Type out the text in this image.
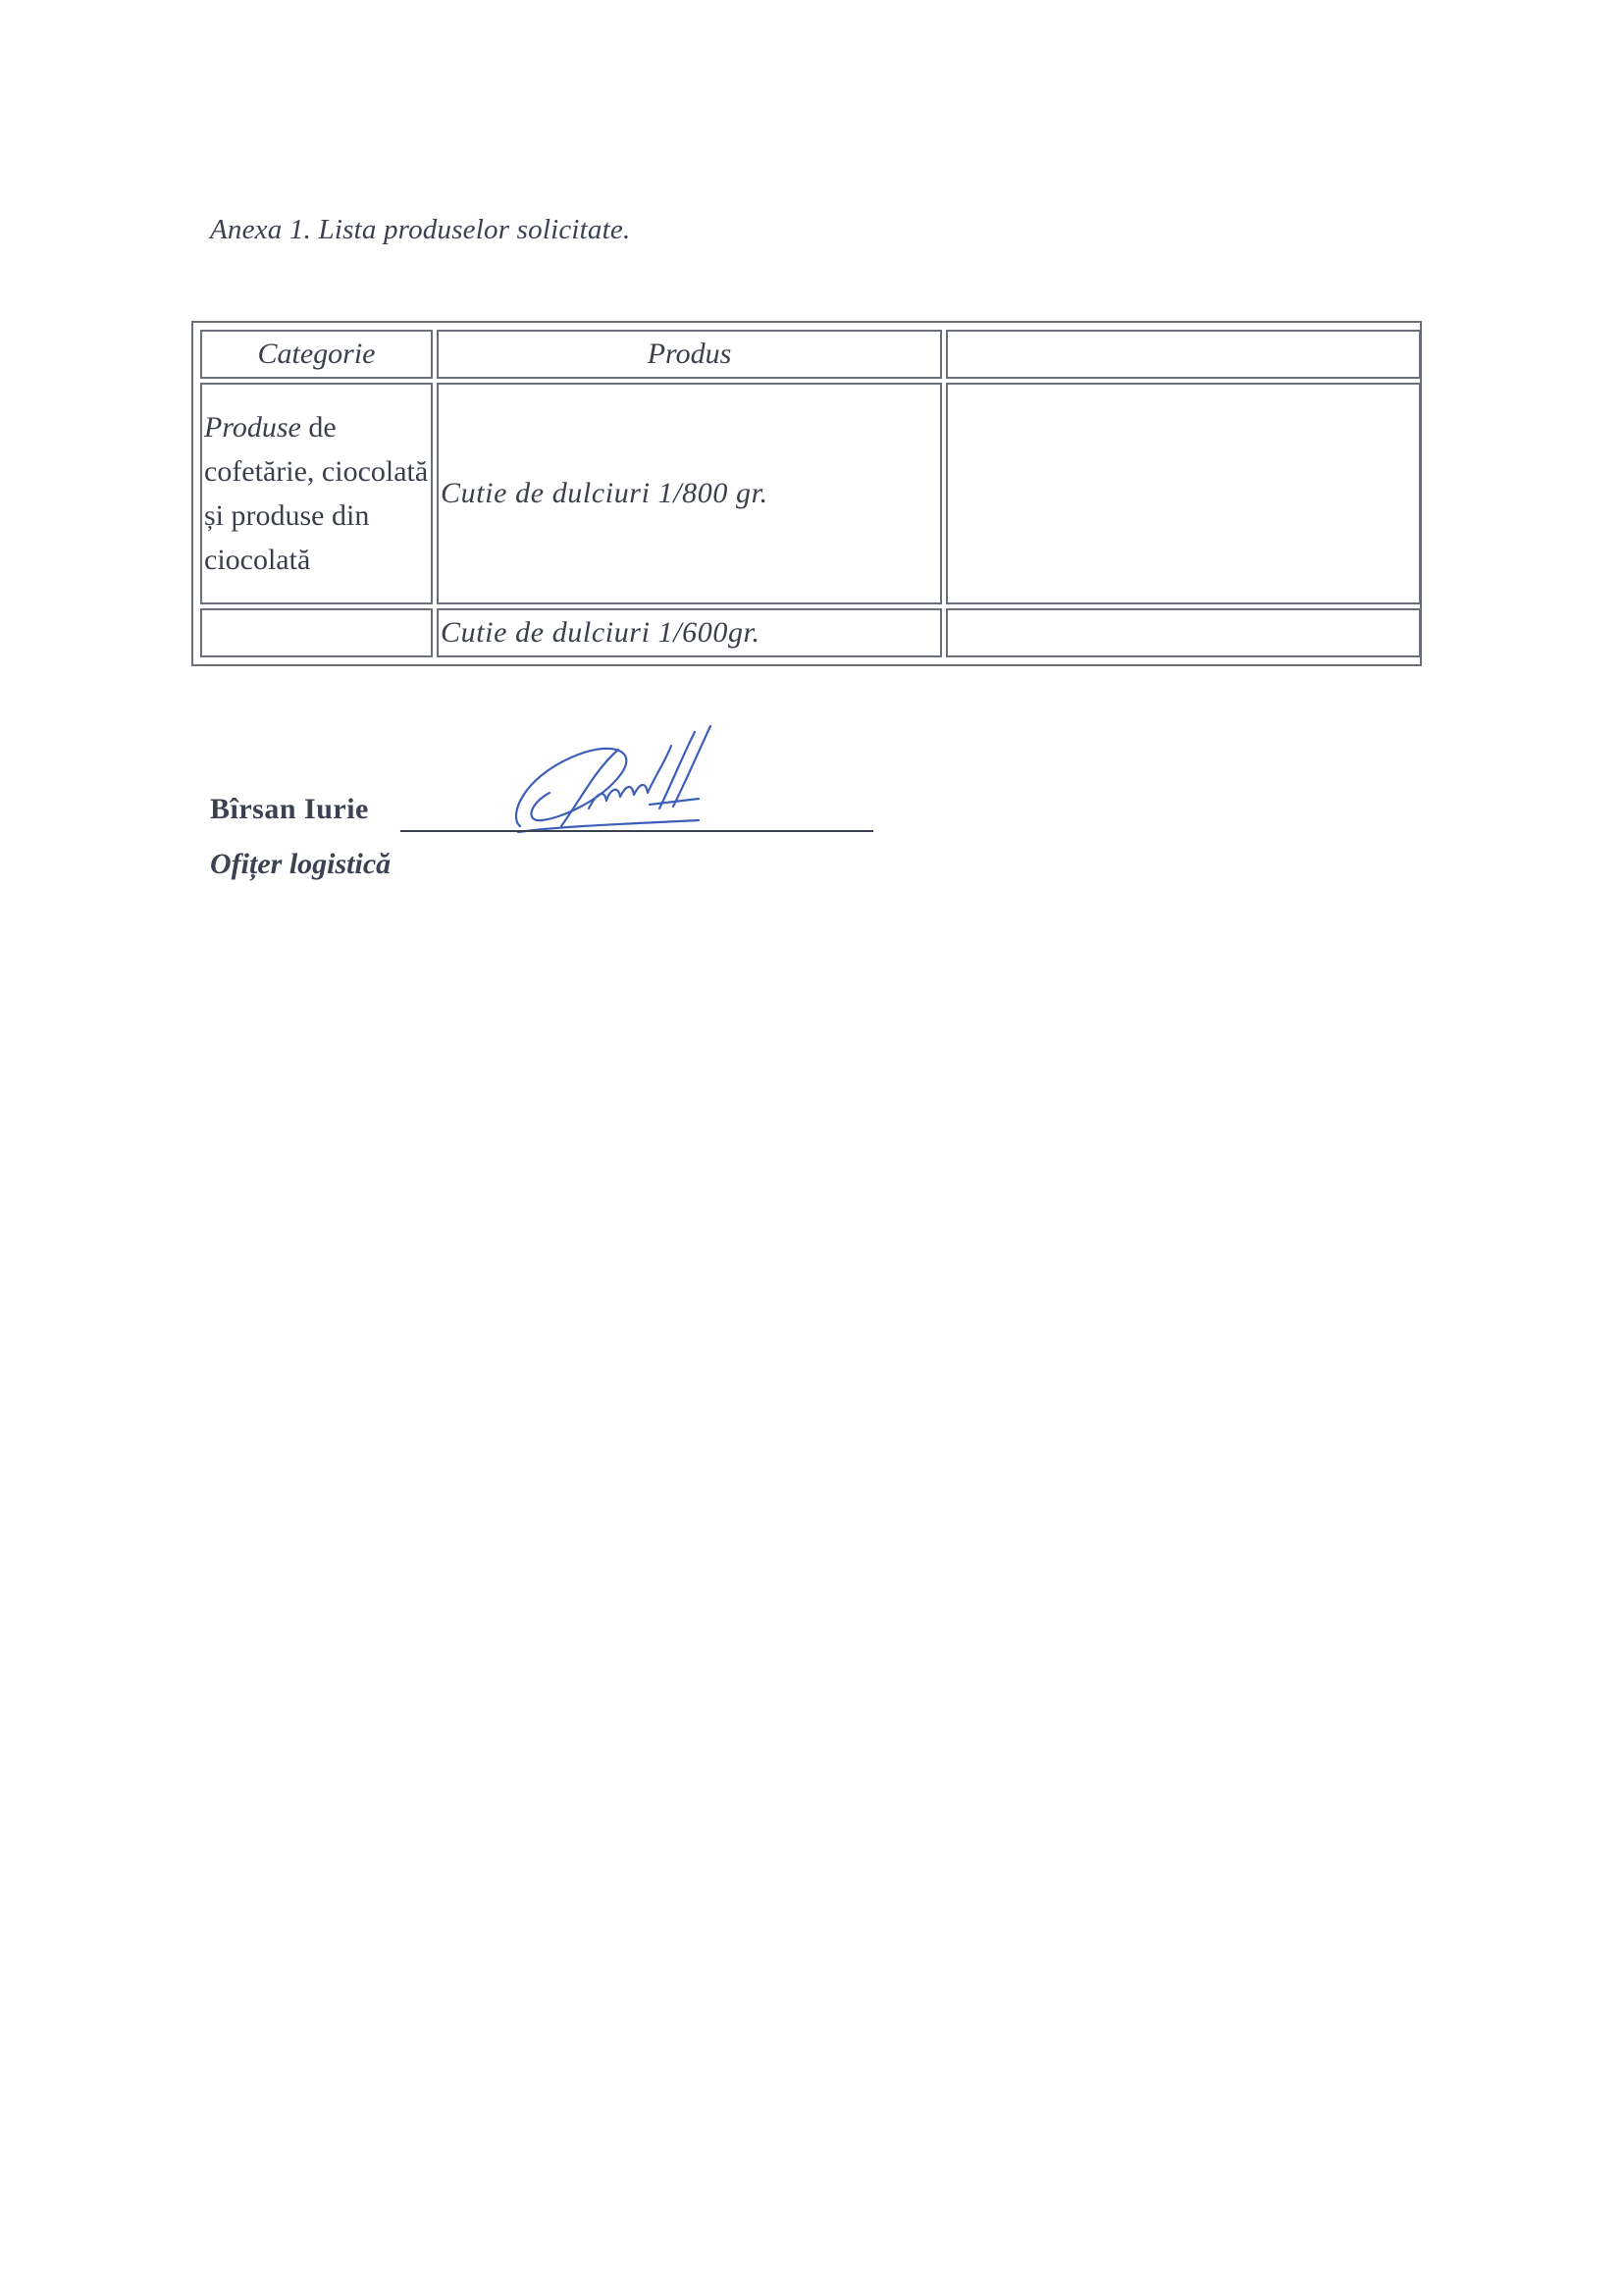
Anexa 1. Lista produselor solicitate.
Categorie	Produs	
Produse de cofetărie, ciocolată și produse din ciocolată	Cutie de dulciuri 1/800 gr.	
	Cutie de dulciuri 1/600gr.	
Bîrsan Iurie
Ofițer logistică
